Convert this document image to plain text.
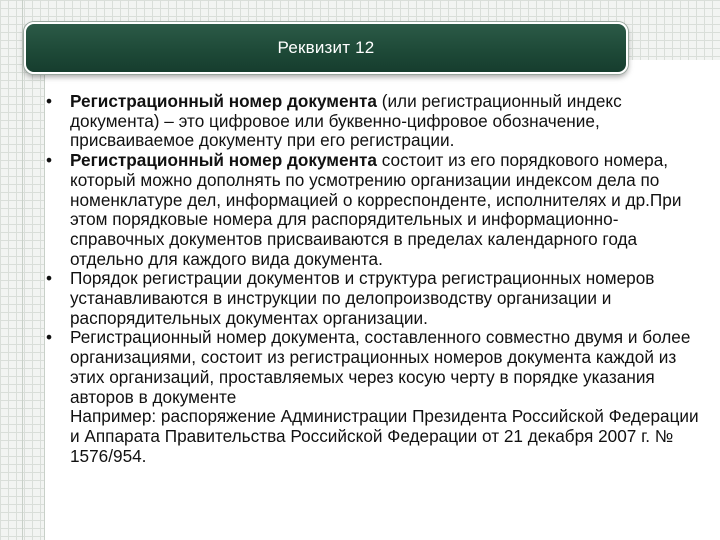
Реквизит 12
•	Регистрационный номер документа (или регистрационный индекс документа) – это цифровое или буквенно-цифровое обозначение, присваиваемое документу при его регистрации.
•	Регистрационный номер документа состоит из его порядкового номера, который можно дополнять по усмотрению организации индексом дела по номенклатуре дел, информацией о корреспонденте, исполнителях и др.При этом порядковые номера для распорядительных и информационно-справочных документов присваиваются в пределах календарного года отдельно для каждого вида документа.
•	Порядок регистрации документов и структура регистрационных номеров устанавливаются в инструкции по делопроизводству организации и распорядительных документах организации.
•	Регистрационный номер документа, составленного совместно двумя и более организациями, состоит из регистрационных номеров документа каждой из этих организаций, проставляемых через косую черту в порядке указания авторов в документе
Например: распоряжение Администрации Президента Российской Федерации и Аппарата Правительства Российской Федерации от 21 декабря 2007 г. № 1576/954.
